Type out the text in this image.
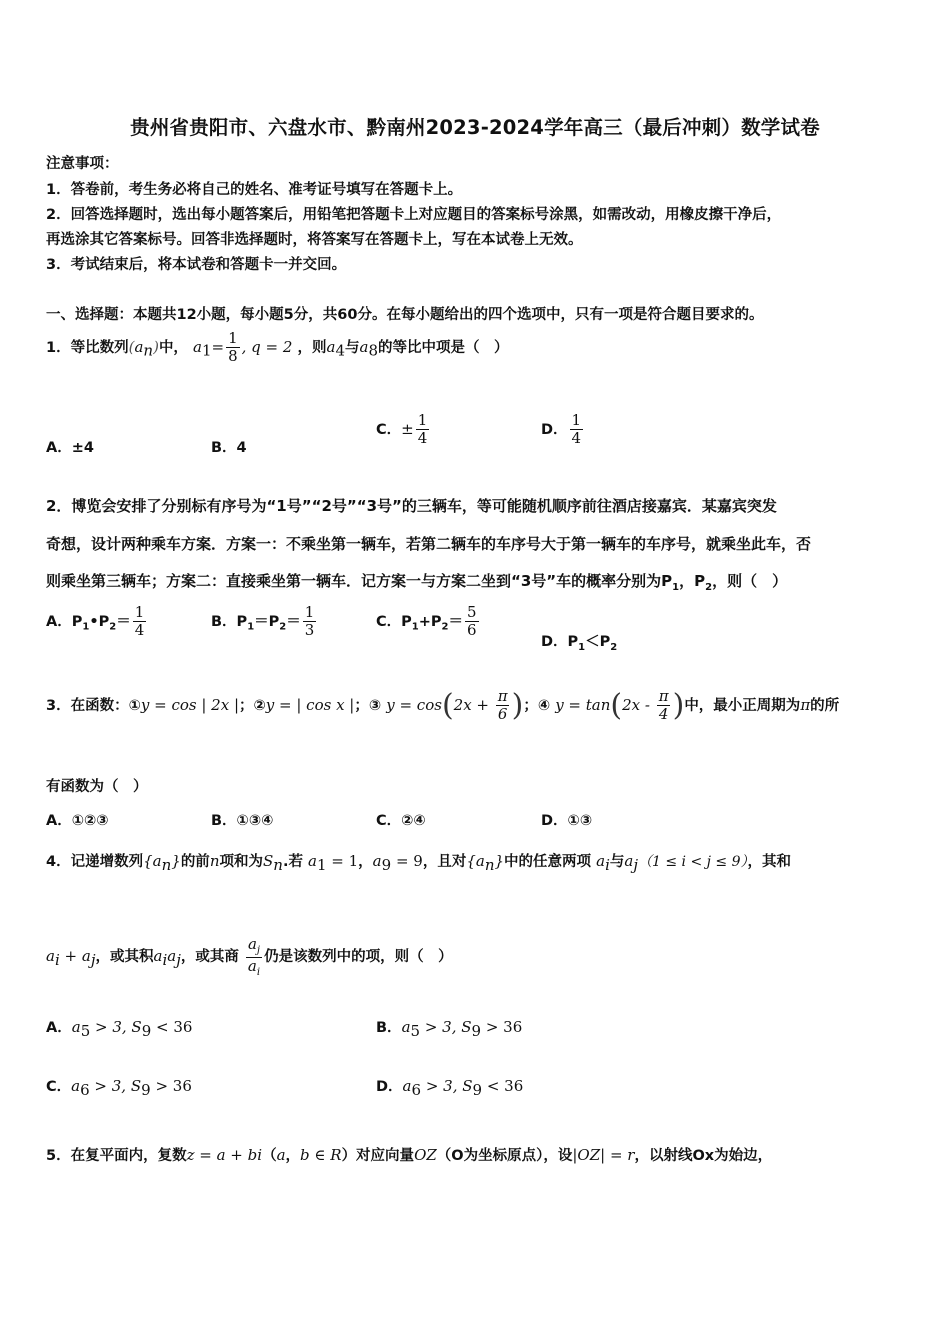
贵州省贵阳市、六盘水市、黔南州2023-2024学年高三（最后冲刺）数学试卷
注意事项：
1．答卷前，考生务必将自己的姓名、准考证号填写在答题卡上。
2．回答选择题时，选出每小题答案后，用铅笔把答题卡上对应题目的答案标号涂黑，如需改动，用橡皮擦干净后，
再选涂其它答案标号。回答非选择题时，将答案写在答题卡上，写在本试卷上无效。
3．考试结束后，将本试卷和答题卡一并交回。
一、选择题：本题共12小题，每小题5分，共60分。在每小题给出的四个选项中，只有一项是符合题目要求的。
1．等比数列$(a_n)$中， $a_1= \frac{1}{8}$ , q = 2 ，则$a_4$与$a_8$的等比中项是（　）
A．±4	B．4
C．± $\frac{1}{4}$	D． $\frac{1}{4}$
2．博览会安排了分别标有序号为“1号”“2号”“3号”的三辆车，等可能随机顺序前往酒店接嘉宾．某嘉宾突发
奇想，设计两种乘车方案．方案一：不乘坐第一辆车，若第二辆车的车序号大于第一辆车的车序号，就乘坐此车，否
则乘坐第三辆车；方案二：直接乘坐第一辆车．记方案一与方案二坐到“3号”车的概率分别为$P_1$，$P_2$，则（　）
A．$P_1•P_2= \frac{1}{4}$	B．$P_1=P_2= \frac{1}{3}$	C．$P_1+P_2= \frac{5}{6}$
D．$P_1<P_2$
3．在函数：①y = cos | 2x |；②y = | cos x |；③ $y = \cos(2x + \frac{\pi}{6}$ )；④ $y = \tan(2x - \frac{\pi}{4}$ )中，最小正周期为π的所
有函数为（　）
A．①②③	B．①③④	C．②④	D．①③
4．记递增数列$\{a_n\}$的前n项和为$S_n$.若 $a_1 = 1$，$a_9 = 9$，且对$\{a_n\}$中的任意两项 $a_i$与$a_j(1 \le i < j \le 9)$，其和
$a_i + a_j$，或其积$a_ia_j$，或其商 $\frac{a_j}{a_i}$ 仍是该数列中的项，则（　）
A．$a_5 > 3$, $S_9 < 36$	B．$a_5 > 3$, $S_9 > 36$
C．$a_6 > 3$, $S_9 > 36$	D．$a_6 > 3$, $S_9 < 36$
5．在复平面内，复数z = a + bi（a，b ∈ R）对应向量OZ（O为坐标原点），设|OZ| = r，以射线Ox为始边，
